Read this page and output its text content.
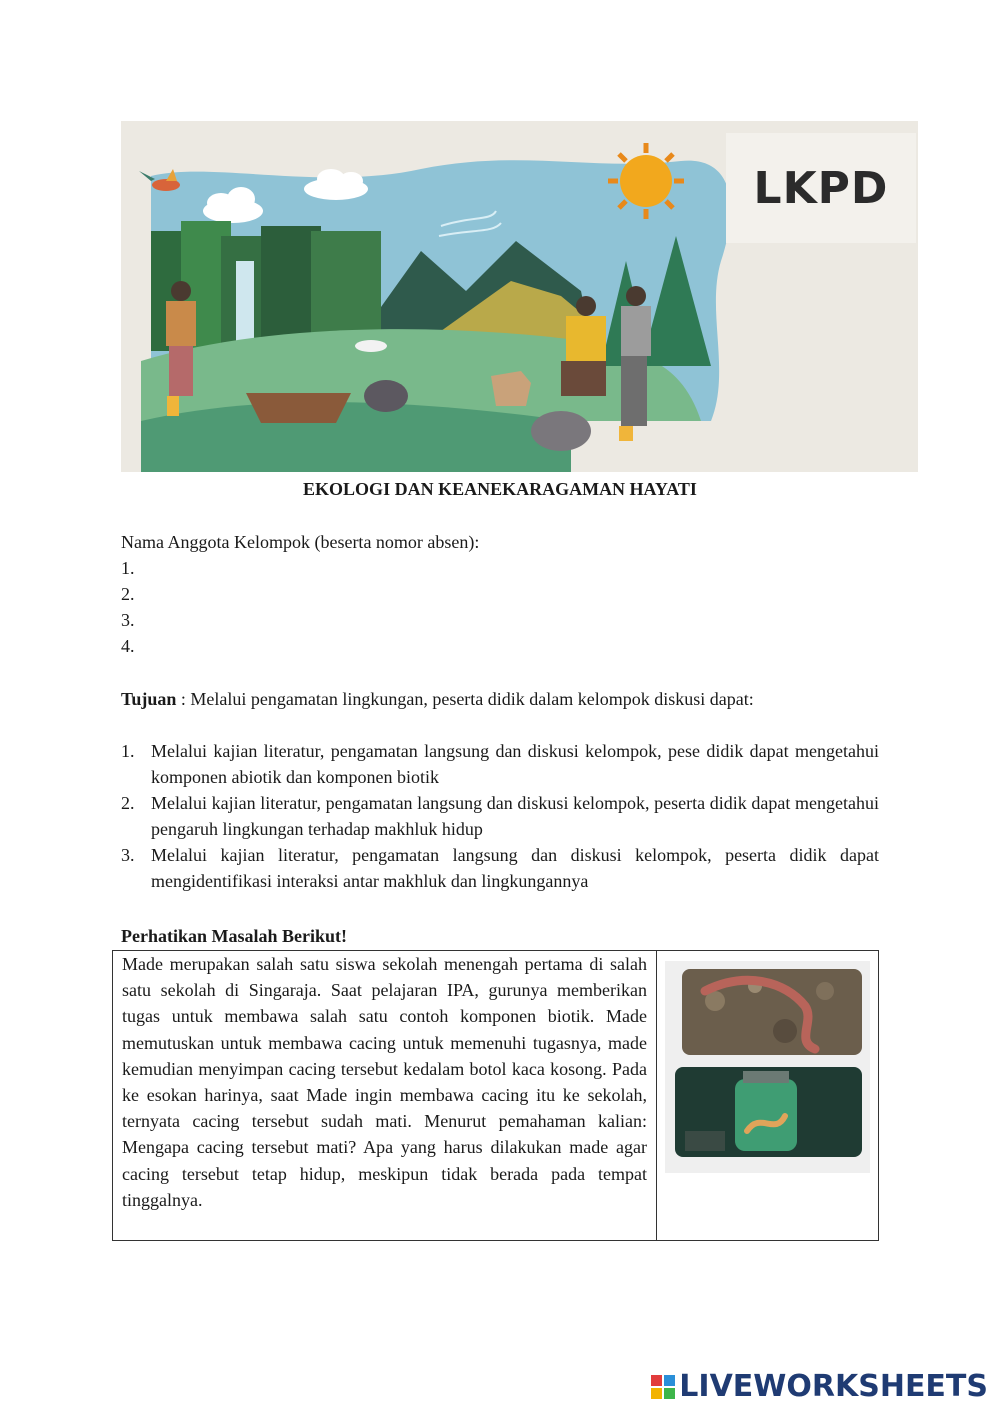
LKPD
EKOLOGI DAN KEANEKARAGAMAN HAYATI
Nama Anggota Kelompok (beserta nomor absen):
1.
2.
3.
4.
Tujuan : Melalui pengamatan lingkungan, peserta didik dalam kelompok diskusi dapat:
1. Melalui kajian literatur, pengamatan langsung dan diskusi kelompok, pese didik dapat mengetahui komponen abiotik dan komponen biotik
2. Melalui kajian literatur, pengamatan langsung dan diskusi kelompok, peserta didik dapat mengetahui pengaruh lingkungan terhadap makhluk hidup
3. Melalui kajian literatur, pengamatan langsung dan diskusi kelompok, peserta didik dapat mengidentifikasi interaksi antar makhluk dan lingkungannya
Perhatikan Masalah Berikut!
Made merupakan salah satu siswa sekolah menengah pertama di salah satu sekolah di Singaraja. Saat pelajaran IPA, gurunya memberikan tugas untuk membawa salah satu contoh komponen biotik. Made memutuskan untuk membawa cacing untuk memenuhi tugasnya, made kemudian menyimpan cacing tersebut kedalam botol kaca kosong. Pada ke esokan harinya, saat Made ingin membawa cacing itu ke sekolah, ternyata cacing tersebut sudah mati. Menurut pemahaman kalian: Mengapa cacing tersebut mati? Apa yang harus dilakukan made agar cacing tersebut tetap hidup, meskipun tidak berada pada tempat tinggalnya.
LIVEWORKSHEETS
